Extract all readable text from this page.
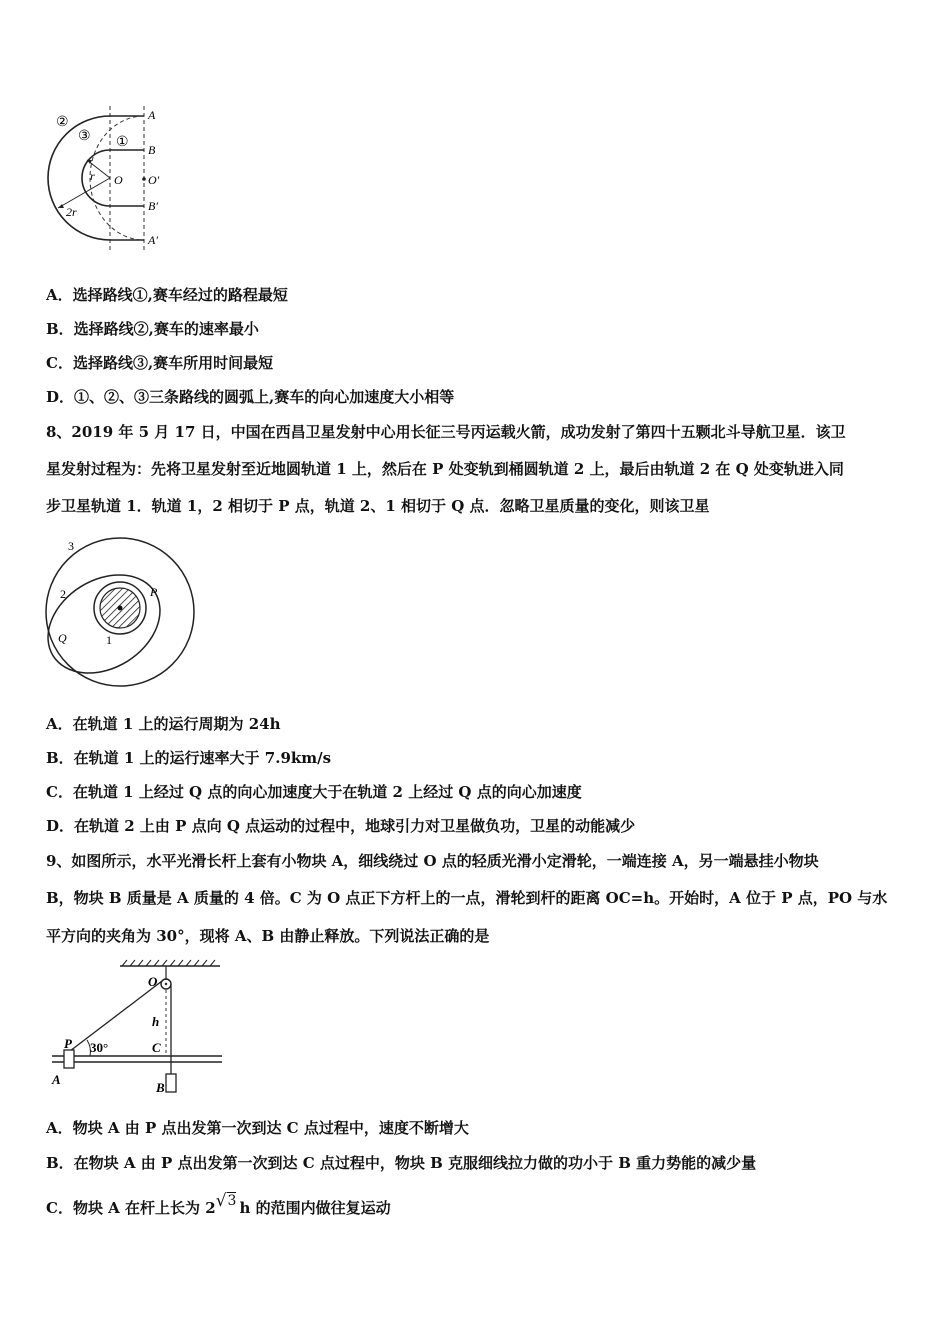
A
B
O O′
B′
A′
r
2r
②
③ ①
A．选择路线①,赛车经过的路程最短
B．选择路线②,赛车的速率最小
C．选择路线③,赛车所用时间最短
D．①、②、③三条路线的圆弧上,赛车的向心加速度大小相等
8、2019 年 5 月 17 日，中国在西昌卫星发射中心用长征三号丙运载火箭，成功发射了第四十五颗北斗导航卫星．该卫
星发射过程为：先将卫星发射至近地圆轨道 1 上，然后在 P 处变轨到桶圆轨道 2 上，最后由轨道 2 在 Q 处变轨进入同
步卫星轨道 1．轨道 1，2 相切于 P 点，轨道 2、1 相切于 Q 点．忽略卫星质量的变化，则该卫星
3
2
1
P
Q
A．在轨道 1 上的运行周期为 24h
B．在轨道 1 上的运行速率大于 7.9km/s
C．在轨道 1 上经过 Q 点的向心加速度大于在轨道 2 上经过 Q 点的向心加速度
D．在轨道 2 上由 P 点向 Q 点运动的过程中，地球引力对卫星做负功，卫星的动能减少
9、如图所示，水平光滑长杆上套有小物块 A，细线绕过 O 点的轻质光滑小定滑轮，一端连接 A，另一端悬挂小物块
B，物块 B 质量是 A 质量的 4 倍。C 为 O 点正下方杆上的一点，滑轮到杆的距离 OC=h。开始时，A 位于 P 点，PO 与水
平方向的夹角为 30°，现将 A、B 由静止释放。下列说法正确的是
O
h
P 30°	C
A
B
A．物块 A 由 P 点出发第一次到达 C 点过程中，速度不断增大
B．在物块 A 由 P 点出发第一次到达 C 点过程中，物块 B 克服细线拉力做的功小于 B 重力势能的减少量
C．物块 A 在杆上长为 2√3 h 的范围内做往复运动
